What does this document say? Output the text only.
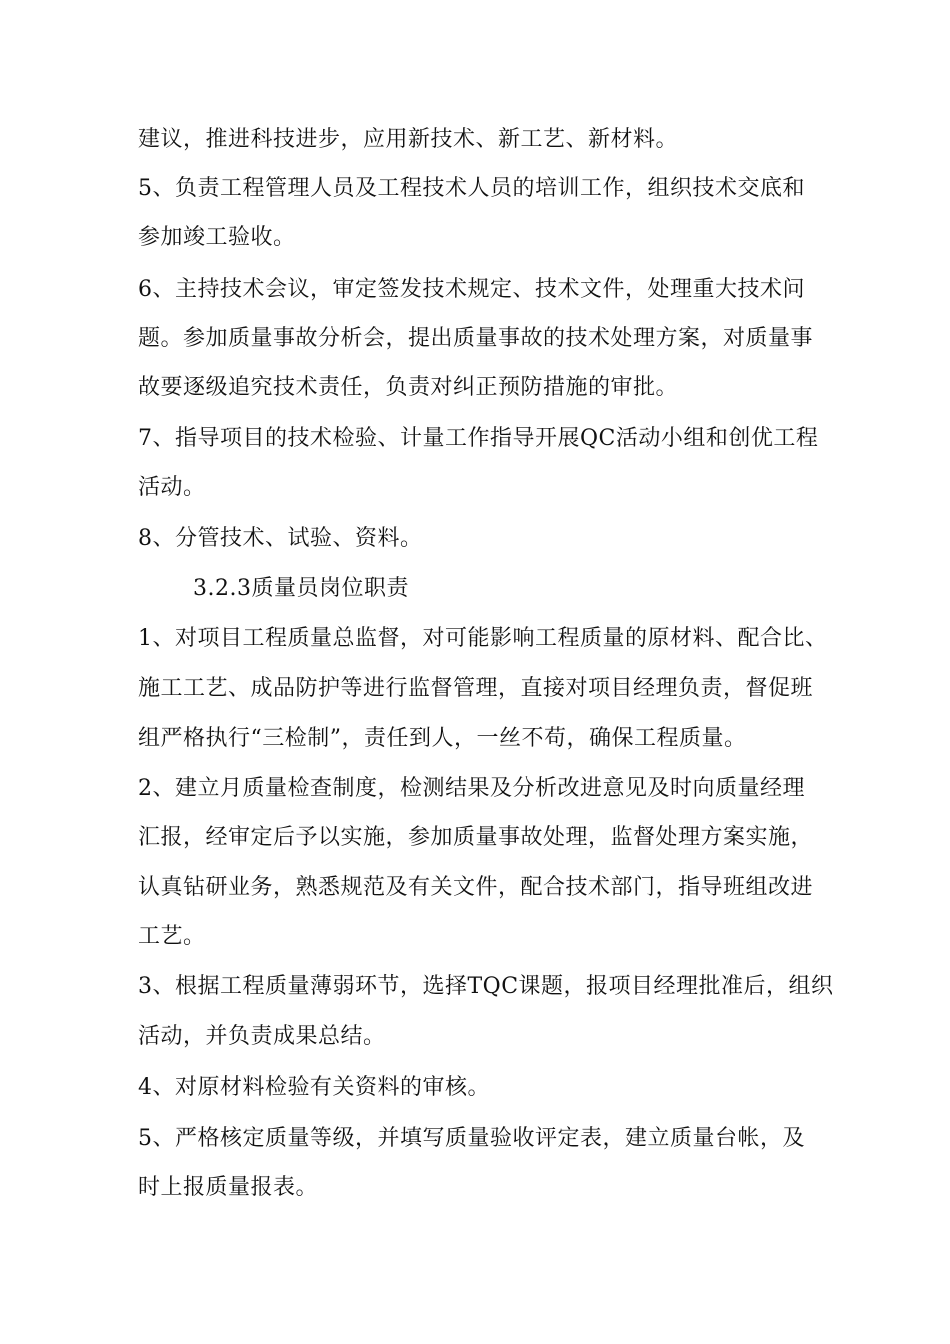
建议，推进科技进步，应用新技术、新工艺、新材料。
5、负责工程管理人员及工程技术人员的培训工作，组织技术交底和
参加竣工验收。
6、主持技术会议，审定签发技术规定、技术文件，处理重大技术问
题。参加质量事故分析会，提出质量事故的技术处理方案，对质量事
故要逐级追究技术责任，负责对纠正预防措施的审批。
7、指导项目的技术检验、计量工作指导开展QC活动小组和创优工程
活动。
8、分管技术、试验、资料。
3.2.3质量员岗位职责
1、对项目工程质量总监督，对可能影响工程质量的原材料、配合比、
施工工艺、成品防护等进行监督管理，直接对项目经理负责，督促班
组严格执行“三检制”，责任到人，一丝不苟，确保工程质量。
2、建立月质量检查制度，检测结果及分析改进意见及时向质量经理
汇报，经审定后予以实施，参加质量事故处理，监督处理方案实施，
认真钻研业务，熟悉规范及有关文件，配合技术部门，指导班组改进
工艺。
3、根据工程质量薄弱环节，选择TQC课题，报项目经理批准后，组织
活动，并负责成果总结。
4、对原材料检验有关资料的审核。
5、严格核定质量等级，并填写质量验收评定表，建立质量台帐，及
时上报质量报表。
